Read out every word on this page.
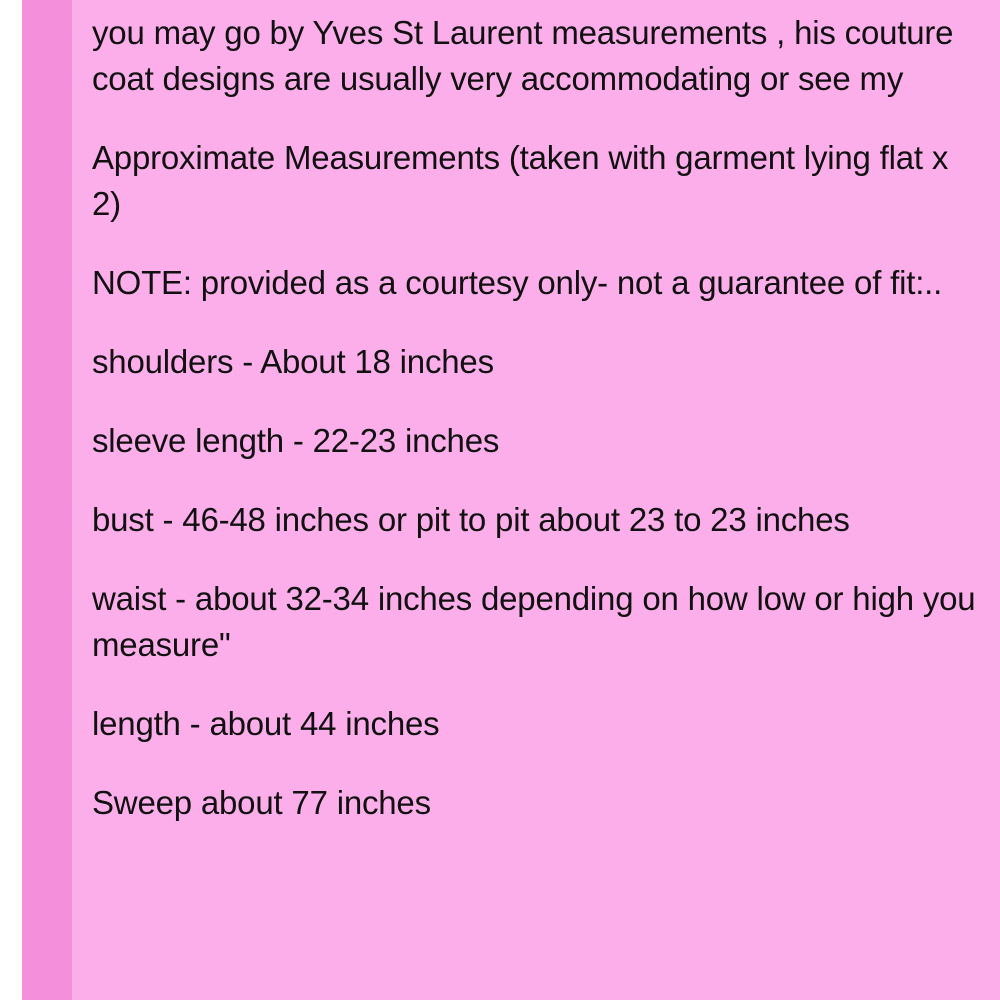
you may go by Yves St Laurent measurements , his couture coat designs are usually very accommodating or see my

Approximate Measurements (taken with garment lying flat x 2)

NOTE: provided as a courtesy only- not a guarantee of fit:..

shoulders - About 18 inches

sleeve length - 22-23 inches

bust - 46-48 inches or pit to pit about 23 to 23 inches

waist - about 32-34 inches depending on how low or high you measure"

length - about 44 inches

Sweep about 77 inches
